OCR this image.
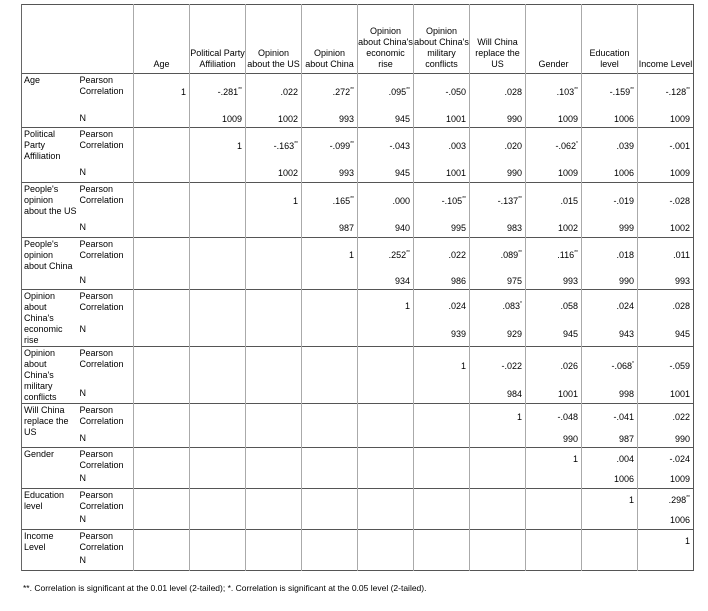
		Age	Political Party Affiliation	Opinion about the US	Opinion about China	Opinion about China's economic rise	Opinion about China's military conflicts	Will China replace the US	Gender	Education level	Income Level
Age	Pearson Correlation	1	-.281**	.022	.272**	.095**	-.050	.028	.103**	-.159**	-.128**
	N		1009	1002	993	945	1001	990	1009	1006	1009
Political Party Affiliation	Pearson Correlation		1	-.163**	-.099**	-.043	.003	.020	-.062*	.039	-.001
	N			1002	993	945	1001	990	1009	1006	1009
People's opinion about the US	Pearson Correlation			1	.165**	.000	-.105**	-.137**	.015	-.019	-.028
	N				987	940	995	983	1002	999	1002
People's opinion about China	Pearson Correlation				1	.252**	.022	.089**	.116**	.018	.011
	N					934	986	975	993	990	993
Opinion about China's economic rise	Pearson Correlation					1	.024	.083*	.058	.024	.028
	N						939	929	945	943	945
Opinion about China's military conflicts	Pearson Correlation						1	-.022	.026	-.068*	-.059
	N							984	1001	998	1001
Will China replace the US	Pearson Correlation							1	-.048	-.041	.022
	N								990	987	990
Gender	Pearson Correlation								1	.004	-.024
	N									1006	1009
Education level	Pearson Correlation									1	.298**
	N										1006
Income Level	Pearson Correlation										1
	N										
**. Correlation is significant at the 0.01 level (2-tailed); *. Correlation is significant at the 0.05 level (2-tailed).
